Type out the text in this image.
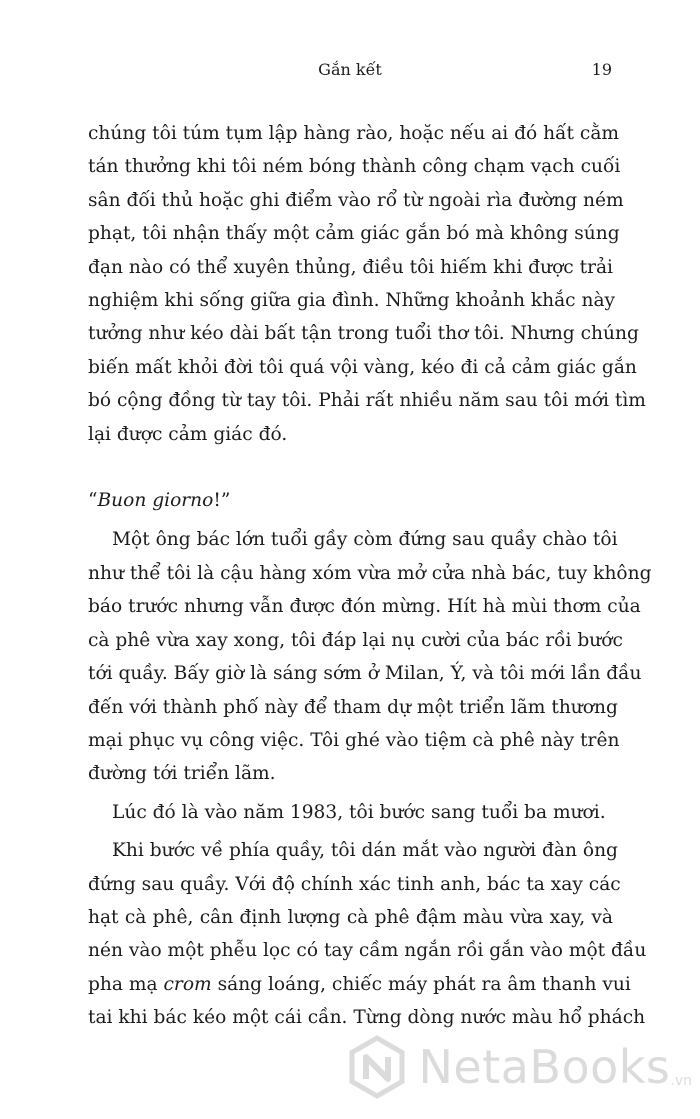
Gắn kết	19
chúng tôi túm tụm lập hàng rào, hoặc nếu ai đó hất cằm
tán thưởng khi tôi ném bóng thành công chạm vạch cuối
sân đối thủ hoặc ghi điểm vào rổ từ ngoài rìa đường ném
phạt, tôi nhận thấy một cảm giác gắn bó mà không súng
đạn nào có thể xuyên thủng, điều tôi hiếm khi được trải
nghiệm khi sống giữa gia đình. Những khoảnh khắc này
tưởng như kéo dài bất tận trong tuổi thơ tôi. Nhưng chúng
biến mất khỏi đời tôi quá vội vàng, kéo đi cả cảm giác gắn
bó cộng đồng từ tay tôi. Phải rất nhiều năm sau tôi mới tìm
lại được cảm giác đó.
“Buon giorno!”
Một ông bác lớn tuổi gầy còm đứng sau quầy chào tôi
như thể tôi là cậu hàng xóm vừa mở cửa nhà bác, tuy không
báo trước nhưng vẫn được đón mừng. Hít hà mùi thơm của
cà phê vừa xay xong, tôi đáp lại nụ cười của bác rồi bước
tới quầy. Bấy giờ là sáng sớm ở Milan, Ý, và tôi mới lần đầu
đến với thành phố này để tham dự một triển lãm thương
mại phục vụ công việc. Tôi ghé vào tiệm cà phê này trên
đường tới triển lãm.
Lúc đó là vào năm 1983, tôi bước sang tuổi ba mươi.
Khi bước về phía quầy, tôi dán mắt vào người đàn ông
đứng sau quầy. Với độ chính xác tinh anh, bác ta xay các
hạt cà phê, cân định lượng cà phê đậm màu vừa xay, và
nén vào một phễu lọc có tay cầm ngắn rồi gắn vào một đầu
pha mạ crom sáng loáng, chiếc máy phát ra âm thanh vui
tai khi bác kéo một cái cần. Từng dòng nước màu hổ phách
NetaBooks .vn
